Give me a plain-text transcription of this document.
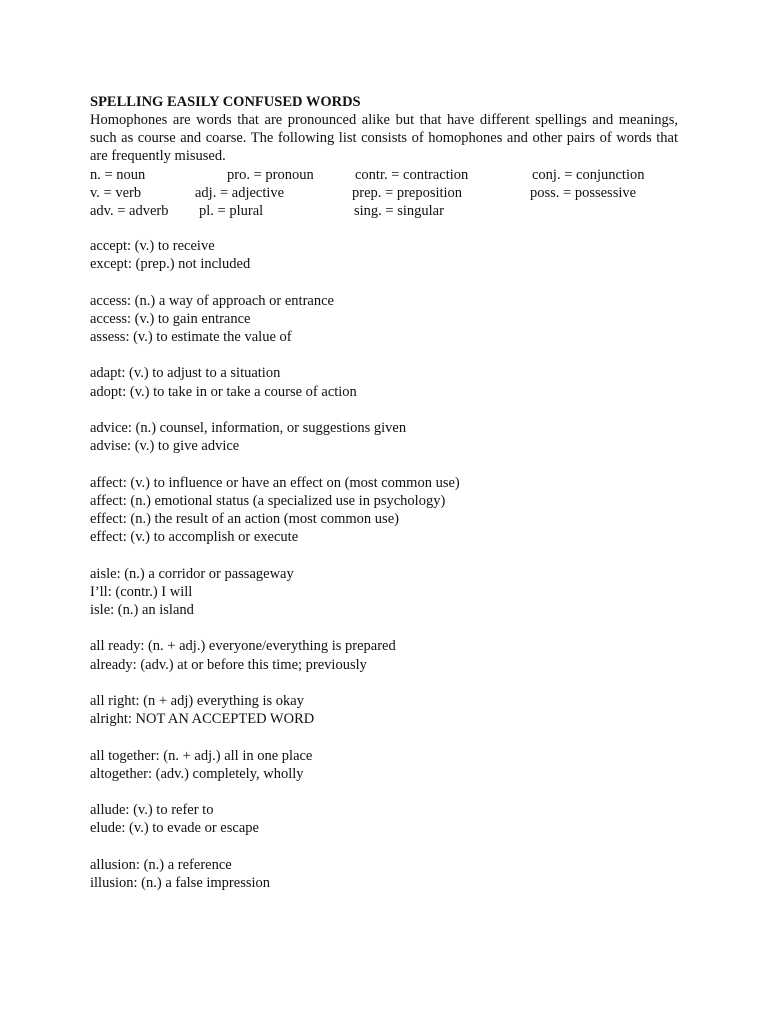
SPELLING EASILY CONFUSED WORDS
Homophones are words that are pronounced alike but that have different spellings and meanings, such as course and coarse. The following list consists of homophones and other pairs of words that are frequently misused.
n. = noun	pro. = pronoun	contr. = contraction	conj. = conjunction
v. = verb	adj. = adjective	prep. = preposition	poss. = possessive
adv. = adverb pl. = plural	sing. = singular
accept: (v.) to receive
except: (prep.) not included
access: (n.) a way of approach or entrance
access: (v.) to gain entrance
assess: (v.) to estimate the value of
adapt: (v.) to adjust to a situation
adopt: (v.) to take in or take a course of action
advice: (n.) counsel, information, or suggestions given
advise: (v.) to give advice
affect: (v.) to influence or have an effect on (most common use)
affect: (n.) emotional status (a specialized use in psychology)
effect: (n.) the result of an action (most common use)
effect: (v.) to accomplish or execute
aisle: (n.) a corridor or passageway
I’ll: (contr.) I will
isle: (n.) an island
all ready: (n. + adj.) everyone/everything is prepared
already: (adv.) at or before this time; previously
all right: (n + adj) everything is okay
alright: NOT AN ACCEPTED WORD
all together: (n. + adj.) all in one place
altogether: (adv.) completely, wholly
allude: (v.) to refer to
elude: (v.) to evade or escape
allusion: (n.) a reference
illusion: (n.) a false impression
